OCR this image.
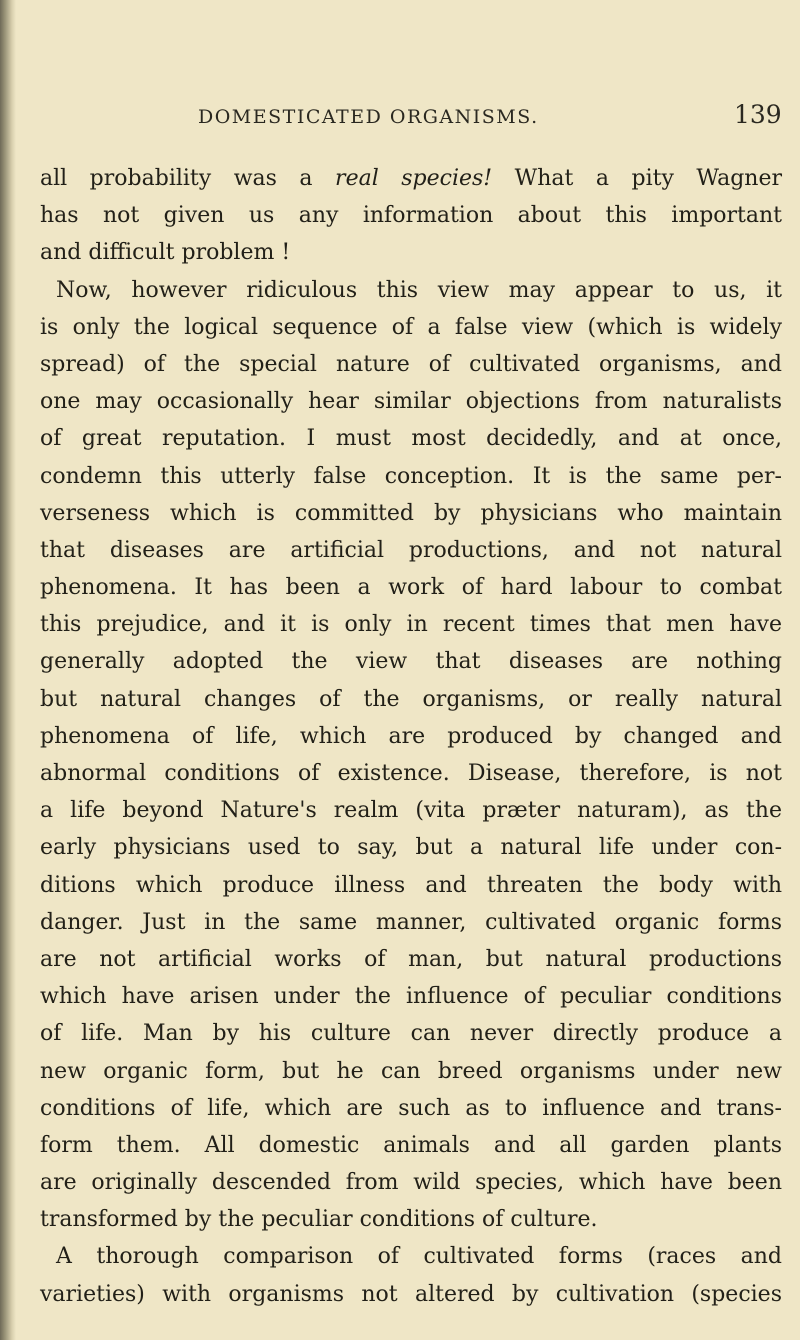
DOMESTICATED ORGANISMS.	139
all probability was a real species! What a pity Wagner
has not given us any information about this important
and difficult problem !
Now, however ridiculous this view may appear to us, it
is only the logical sequence of a false view (which is widely
spread) of the special nature of cultivated organisms, and
one may occasionally hear similar objections from naturalists
of great reputation. I must most decidedly, and at once,
condemn this utterly false conception. It is the same per-
verseness which is committed by physicians who maintain
that diseases are artificial productions, and not natural
phenomena. It has been a work of hard labour to combat
this prejudice, and it is only in recent times that men have
generally adopted the view that diseases are nothing
but natural changes of the organisms, or really natural
phenomena of life, which are produced by changed and
abnormal conditions of existence. Disease, therefore, is not
a life beyond Nature's realm (vita præter naturam), as the
early physicians used to say, but a natural life under con-
ditions which produce illness and threaten the body with
danger. Just in the same manner, cultivated organic forms
are not artificial works of man, but natural productions
which have arisen under the influence of peculiar conditions
of life. Man by his culture can never directly produce a
new organic form, but he can breed organisms under new
conditions of life, which are such as to influence and trans-
form them. All domestic animals and all garden plants
are originally descended from wild species, which have been
transformed by the peculiar conditions of culture.
A thorough comparison of cultivated forms (races and
varieties) with organisms not altered by cultivation (species
